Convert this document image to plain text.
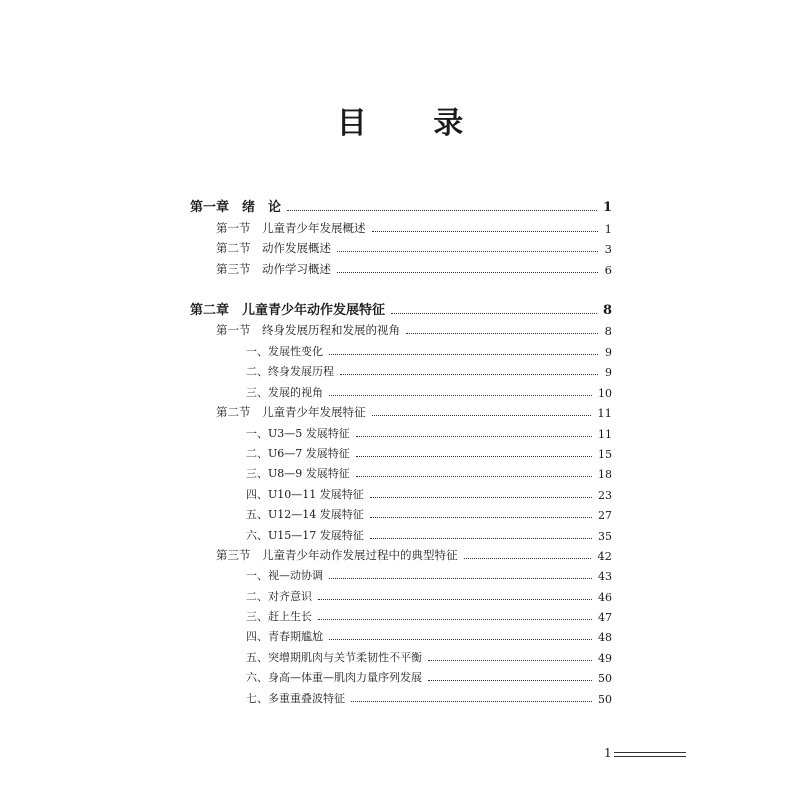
目 录
第一章　绪　论	1
第一节　儿童青少年发展概述	1
第二节　动作发展概述	3
第三节　动作学习概述	6
第二章　儿童青少年动作发展特征	8
第一节　终身发展历程和发展的视角	8
一、发展性变化	9
二、终身发展历程	9
三、发展的视角	10
第二节　儿童青少年发展特征	11
一、U3—5 发展特征	11
二、U6—7 发展特征	15
三、U8—9 发展特征	18
四、U10—11 发展特征	23
五、U12—14 发展特征	27
六、U15—17 发展特征	35
第三节　儿童青少年动作发展过程中的典型特征	42
一、视—动协调	43
二、对齐意识	46
三、赶上生长	47
四、青春期尴尬	48
五、突增期肌肉与关节柔韧性不平衡	49
六、身高—体重—肌肉力量序列发展	50
七、多重重叠波特征	50
1
